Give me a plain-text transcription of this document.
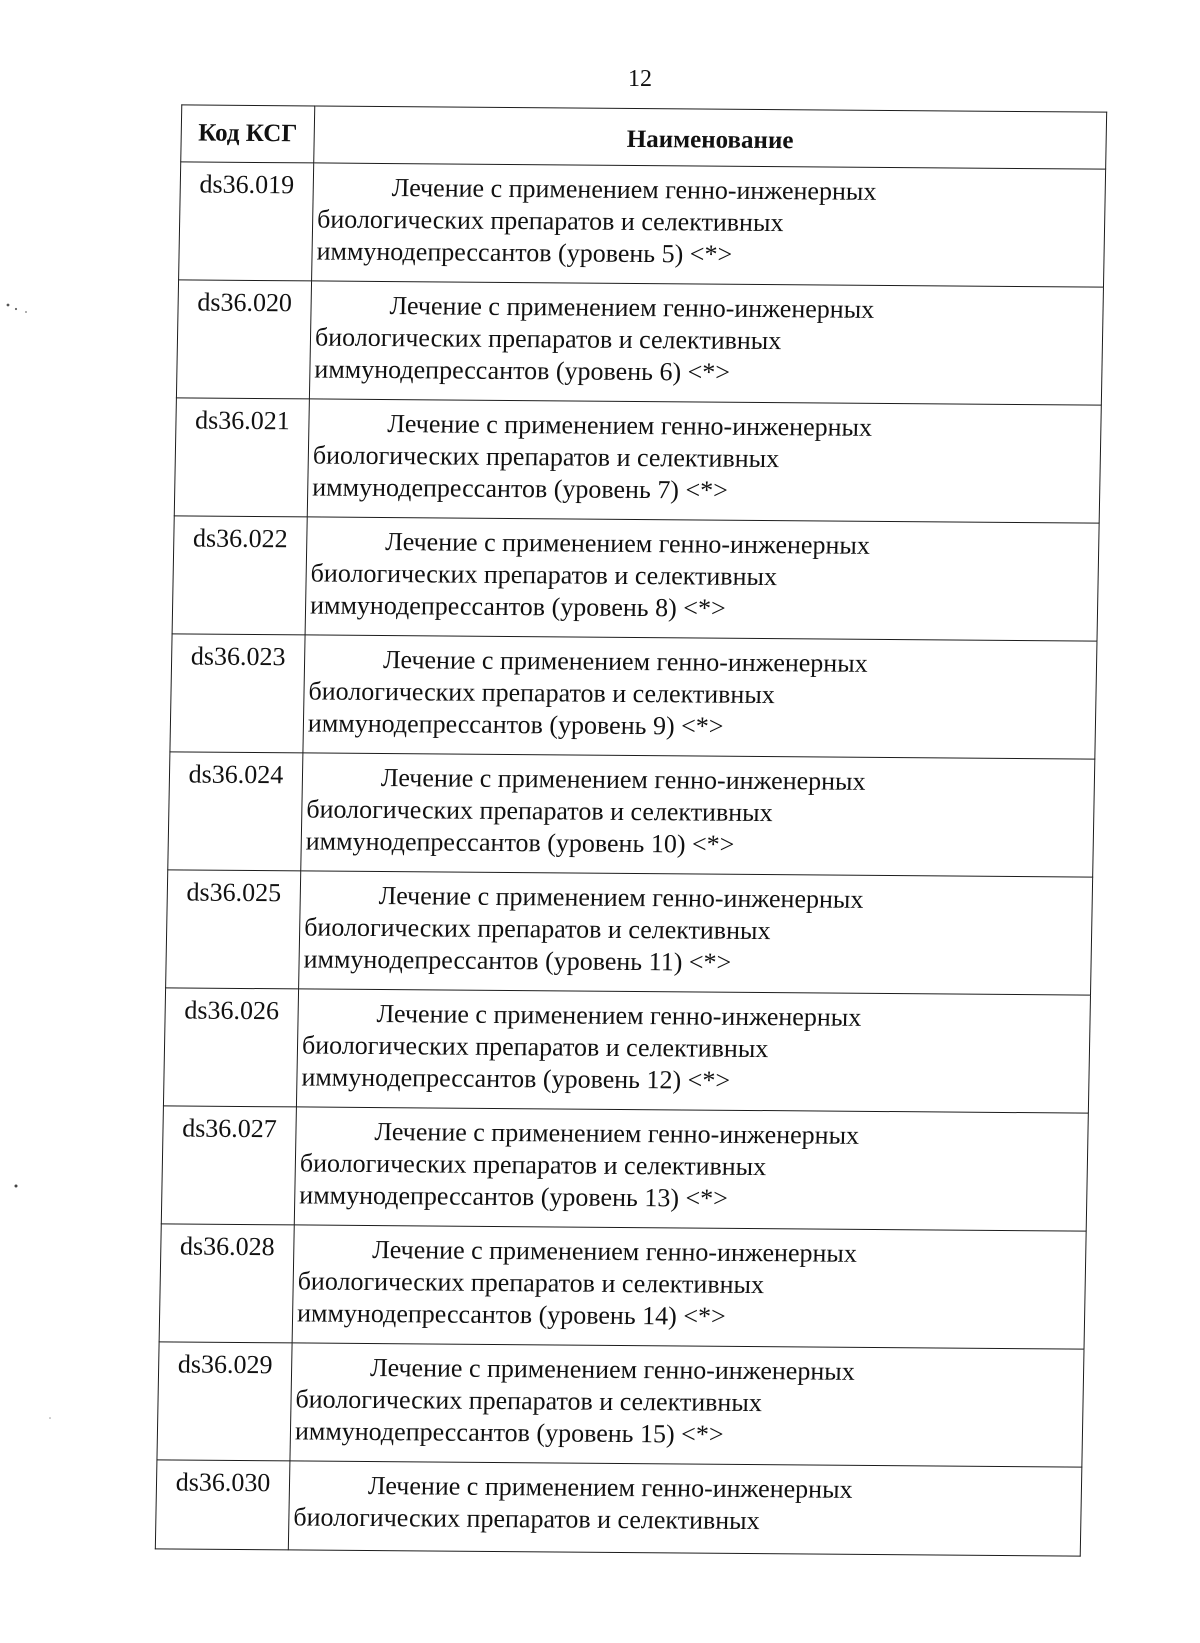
12
Код КСГ	Наименование
ds36.019	Лечение с применением генно-инженерных
биологических препаратов и селективных
иммунодепрессантов (уровень 5) <*>

ds36.020	Лечение с применением генно-инженерных
биологических препаратов и селективных
иммунодепрессантов (уровень 6) <*>

ds36.021	Лечение с применением генно-инженерных
биологических препаратов и селективных
иммунодепрессантов (уровень 7) <*>

ds36.022	Лечение с применением генно-инженерных
биологических препаратов и селективных
иммунодепрессантов (уровень 8) <*>

ds36.023	Лечение с применением генно-инженерных
биологических препаратов и селективных
иммунодепрессантов (уровень 9) <*>

ds36.024	Лечение с применением генно-инженерных
биологических препаратов и селективных
иммунодепрессантов (уровень 10) <*>

ds36.025	Лечение с применением генно-инженерных
биологических препаратов и селективных
иммунодепрессантов (уровень 11) <*>

ds36.026	Лечение с применением генно-инженерных
биологических препаратов и селективных
иммунодепрессантов (уровень 12) <*>

ds36.027	Лечение с применением генно-инженерных
биологических препаратов и селективных
иммунодепрессантов (уровень 13) <*>

ds36.028	Лечение с применением генно-инженерных
биологических препаратов и селективных
иммунодепрессантов (уровень 14) <*>

ds36.029	Лечение с применением генно-инженерных
биологических препаратов и селективных
иммунодепрессантов (уровень 15) <*>

ds36.030	Лечение с применением генно-инженерных
биологических препаратов и селективных
